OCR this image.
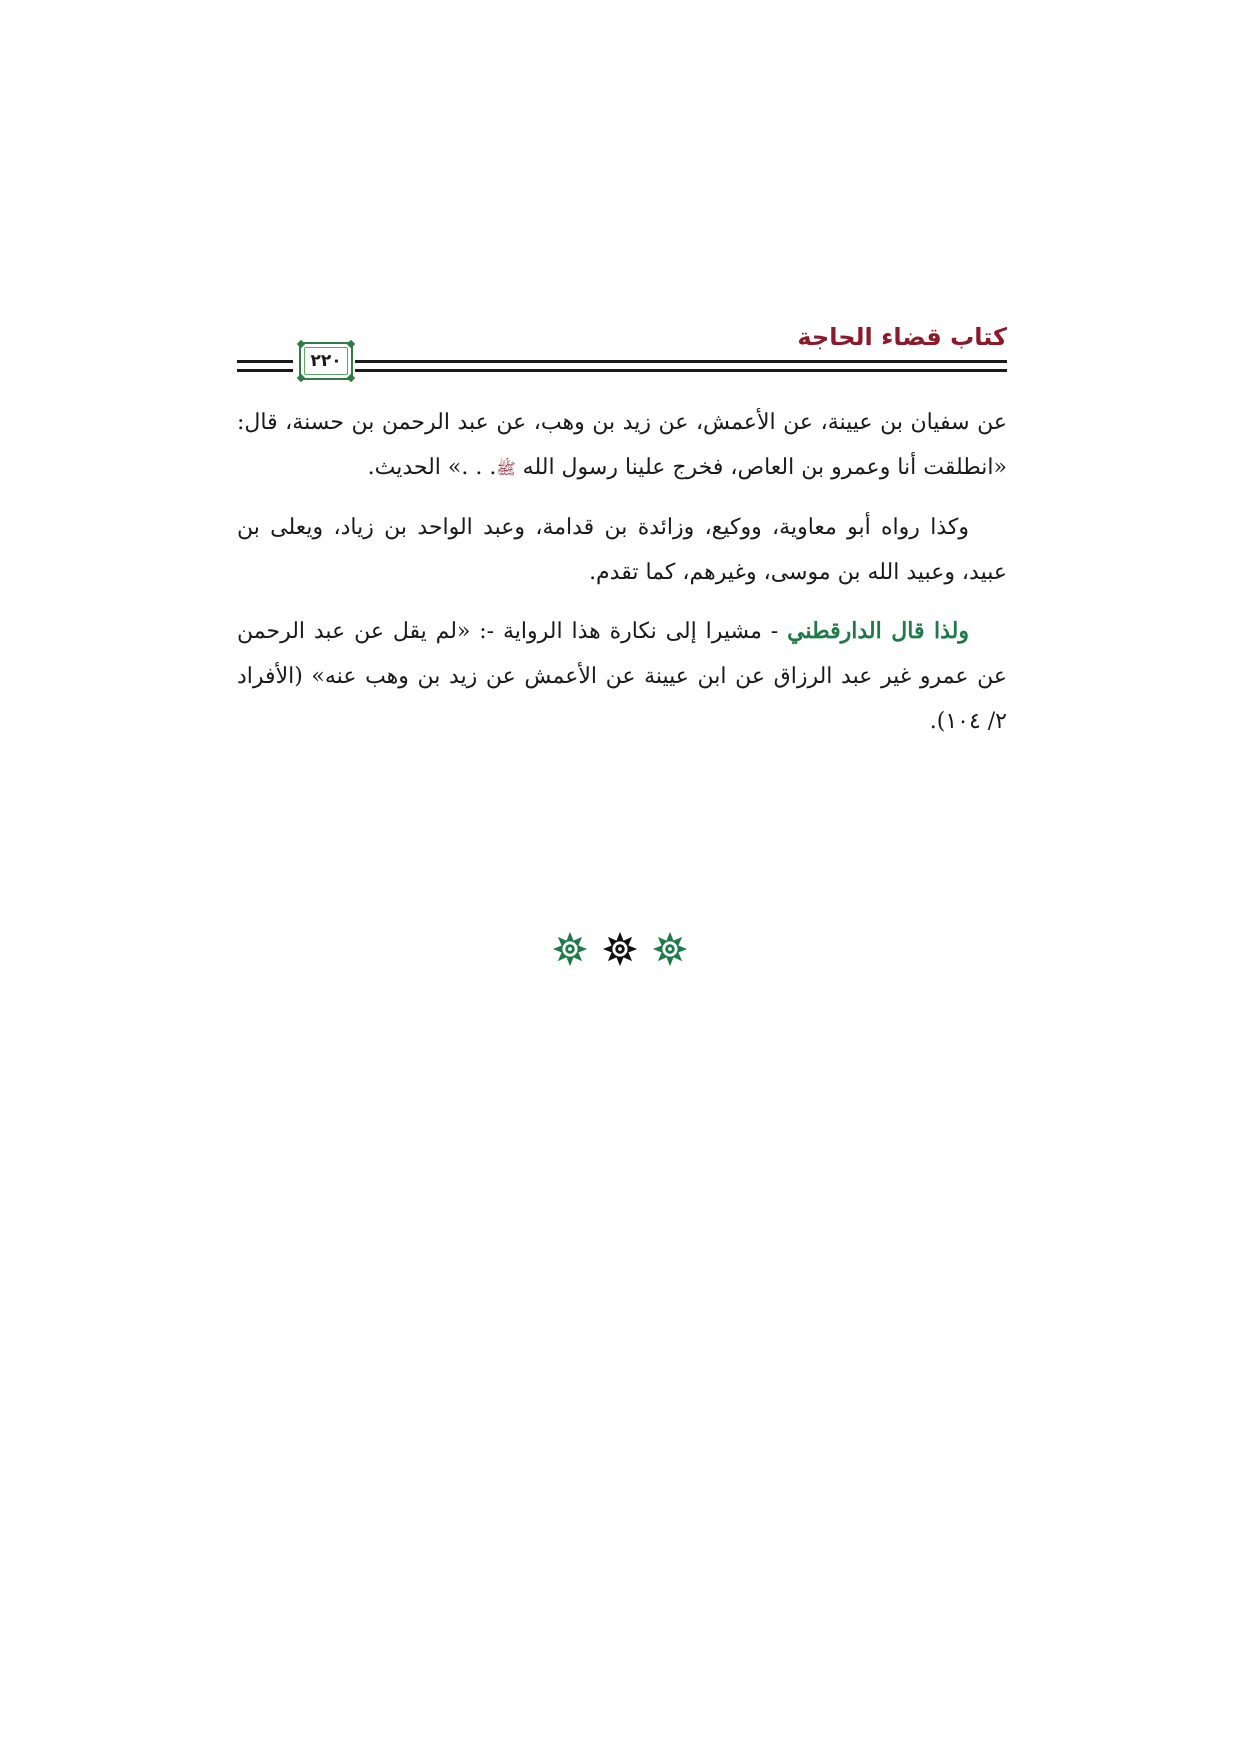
كتاب قضاء الحاجة
٢٢٠

عن سفيان بن عيينة، عن الأعمش، عن زيد بن وهب، عن عبد الرحمن بن حسنة، قال: «انطلقت أنا وعمرو بن العاص، فخرج علينا رسول الله ﷺ. . .» الحديث.

وكذا رواه أبو معاوية، ووكيع، وزائدة بن قدامة، وعبد الواحد بن زياد، ويعلى بن عبيد، وعبيد الله بن موسى، وغيرهم، كما تقدم.

ولذا قال الدارقطني - مشيرا إلى نكارة هذا الرواية -: «لم يقل عن عبد الرحمن عن عمرو غير عبد الرزاق عن ابن عيينة عن الأعمش عن زيد بن وهب عنه» (الأفراد ٢/ ١٠٤).
